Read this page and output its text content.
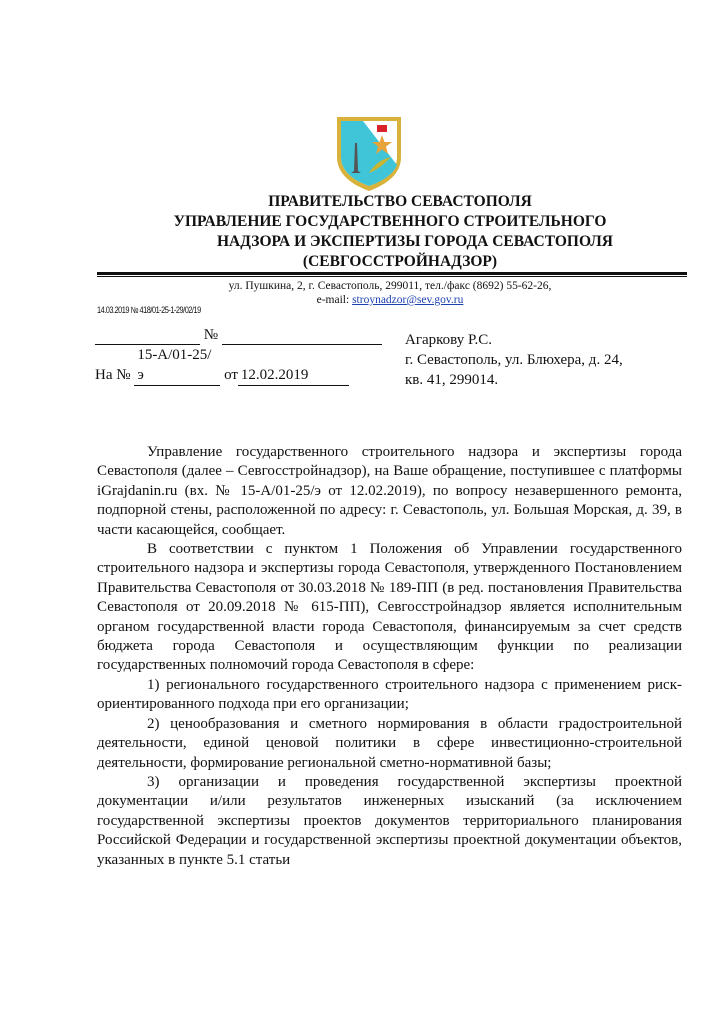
ПРАВИТЕЛЬСТВО СЕВАСТОПОЛЯ
УПРАВЛЕНИЕ ГОСУДАРСТВЕННОГО СТРОИТЕЛЬНОГО
НАДЗОРА И ЭКСПЕРТИЗЫ ГОРОДА СЕВАСТОПОЛЯ
(СЕВГОССТРОЙНАДЗОР)
ул. Пушкина, 2, г. Севастополь, 299011, тел./факс (8692) 55-62-26,
e-mail: stroynadzor@sev.gov.ru
14.03.2019 № 418/01-25-1-29/02/19
№
На № 15-А/01-25/э	от 12.02.2019
Агаркову Р.С.
г. Севастополь, ул. Блюхера, д. 24,
кв. 41, 299014.

Управление государственного строительного надзора и экспертизы города Севастополя (далее – Севгосстройнадзор), на Ваше обращение, поступившее с платформы iGrajdanin.ru (вх. № 15-А/01-25/э от 12.02.2019), по вопросу незавершенного ремонта, подпорной стены, расположенной по адресу: г. Севастополь, ул. Большая Морская, д. 39, в части касающейся, сообщает.

В соответствии с пунктом 1 Положения об Управлении государственного строительного надзора и экспертизы города Севастополя, утвержденного Постановлением Правительства Севастополя от 30.03.2018 № 189-ПП (в ред. постановления Правительства Севастополя от 20.09.2018 № 615-ПП), Севгосстройнадзор является исполнительным органом государственной власти города Севастополя, финансируемым за счет средств бюджета города Севастополя и осуществляющим функции по реализации государственных полномочий города Севастополя в сфере:

1) регионального государственного строительного надзора с применением риск-ориентированного подхода при его организации;

2) ценообразования и сметного нормирования в области градостроительной деятельности, единой ценовой политики в сфере инвестиционно-строительной деятельности, формирование региональной сметно-нормативной базы;

3) организации и проведения государственной экспертизы проектной документации и/или результатов инженерных изысканий (за исключением государственной экспертизы проектов документов территориального планирования Российской Федерации и государственной экспертизы проектной документации объектов, указанных в пункте 5.1 статьи
